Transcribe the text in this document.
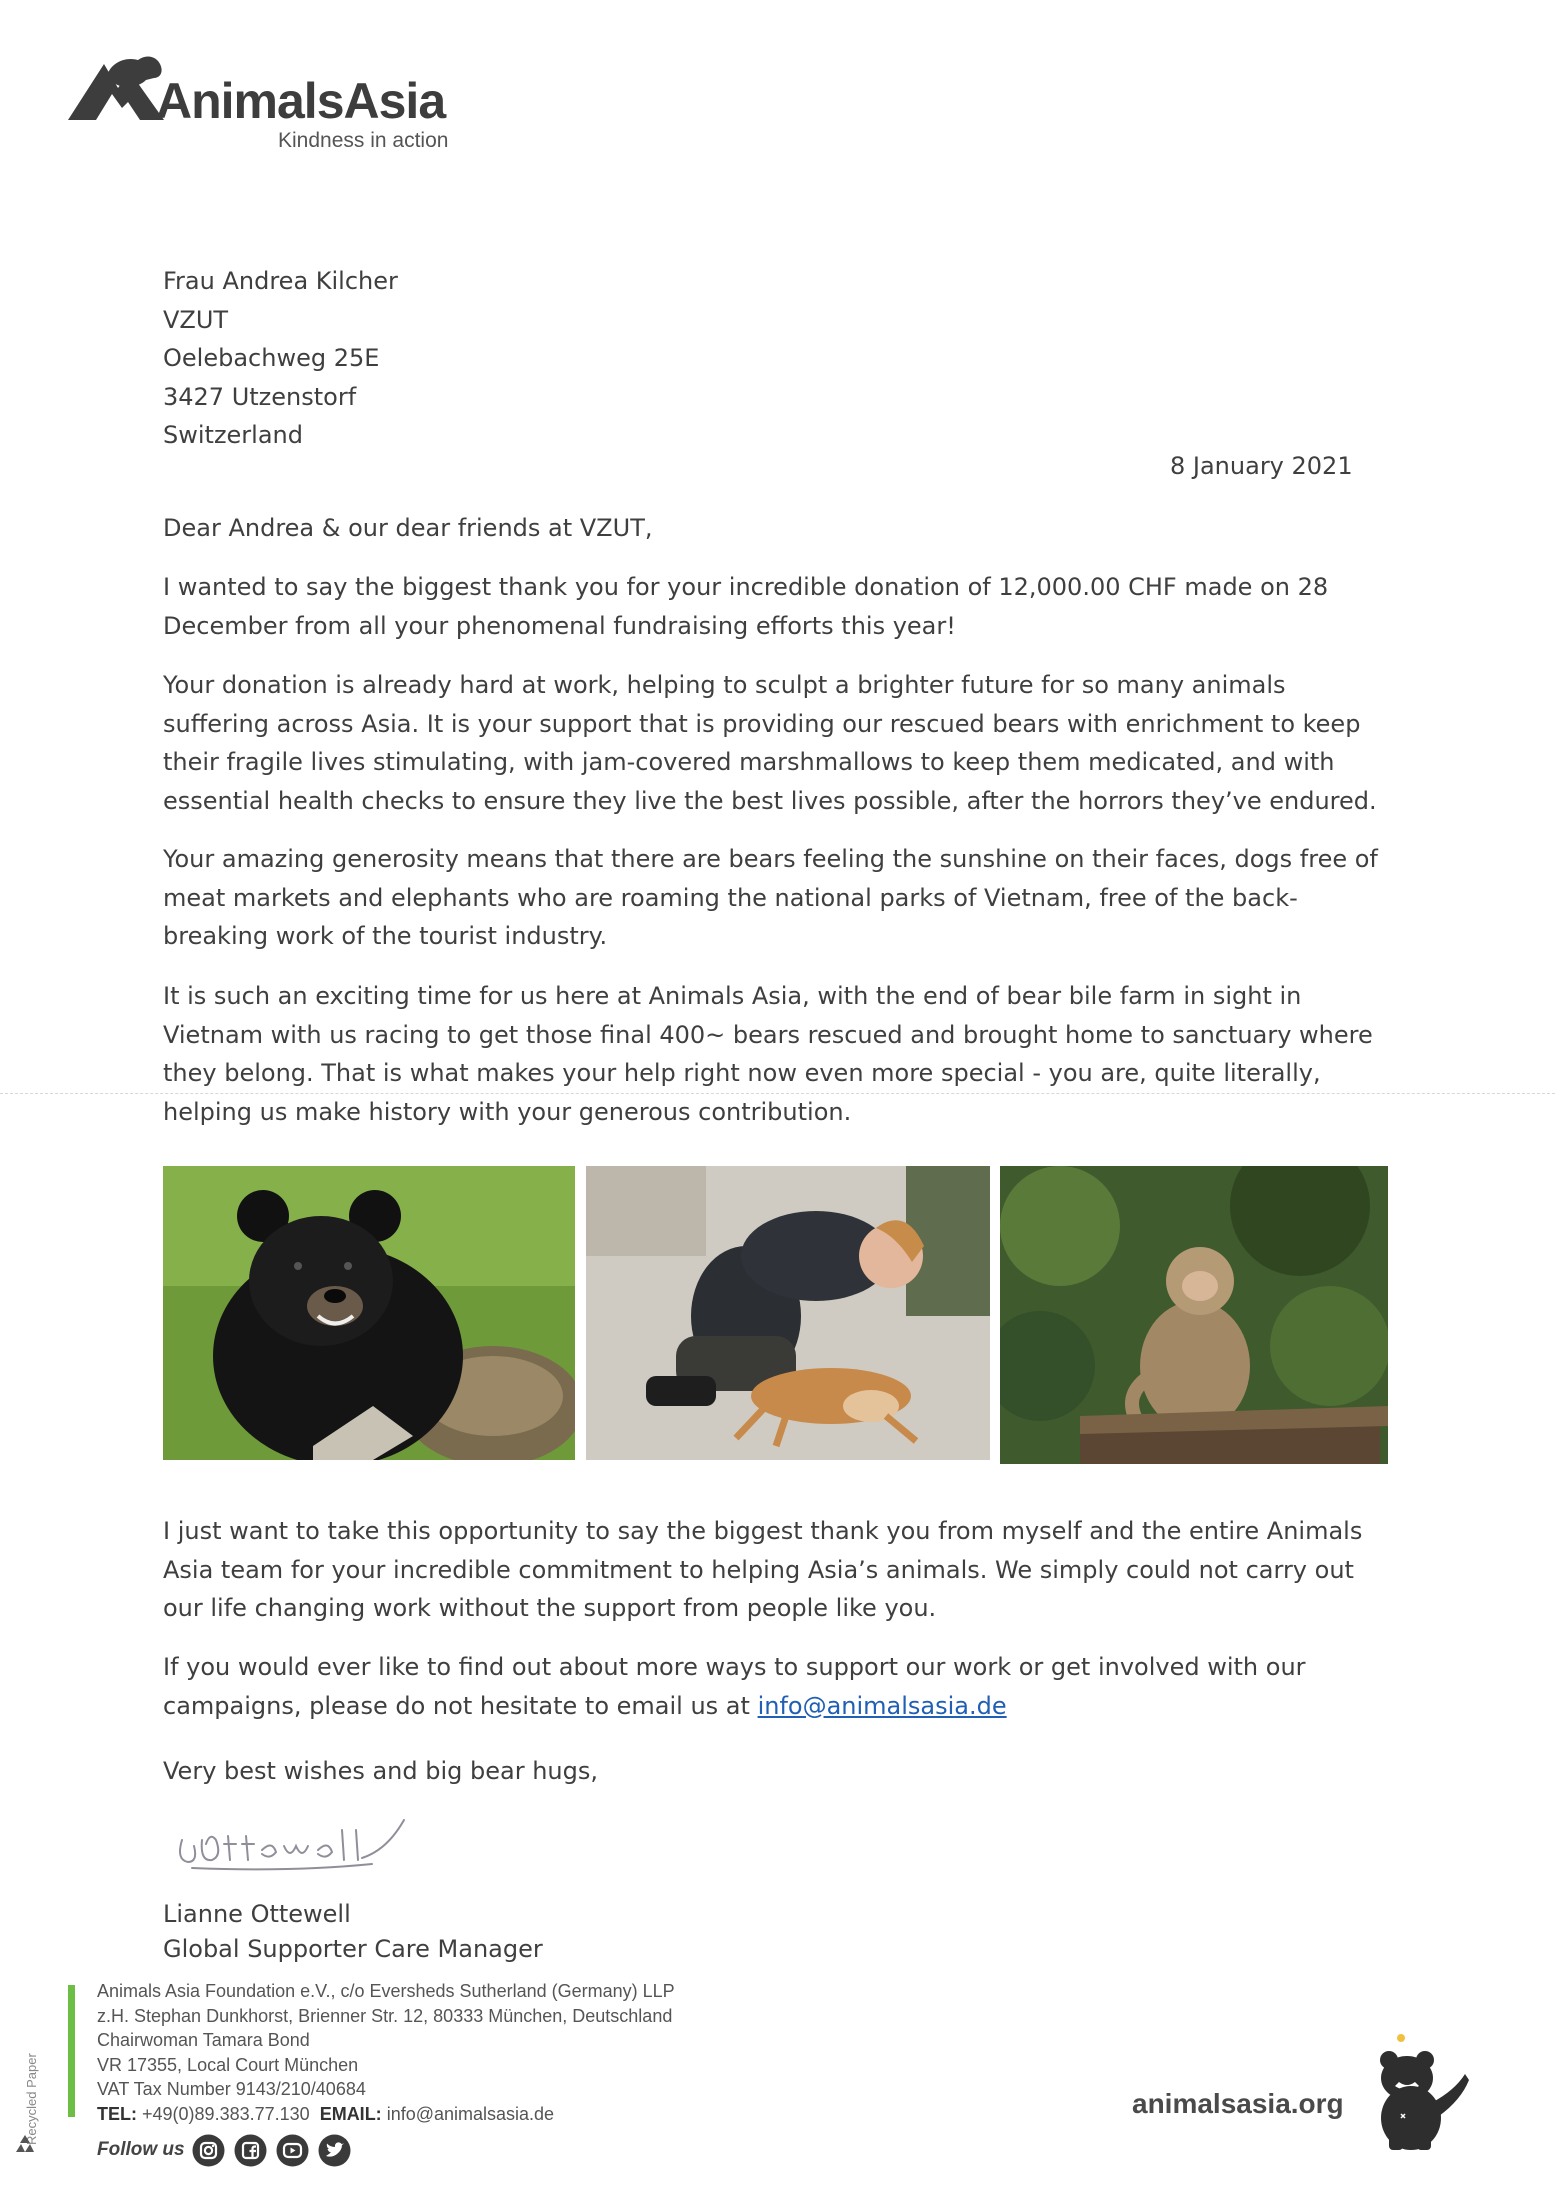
AnimalsAsia
Kindness in action
Frau Andrea Kilcher
VZUT
Oelebachweg 25E
3427 Utzenstorf
Switzerland
8 January 2021
Dear Andrea & our dear friends at VZUT,
I wanted to say the biggest thank you for your incredible donation of 12,000.00 CHF made on 28
December from all your phenomenal fundraising efforts this year!
Your donation is already hard at work, helping to sculpt a brighter future for so many animals
suffering across Asia. It is your support that is providing our rescued bears with enrichment to keep
their fragile lives stimulating, with jam-covered marshmallows to keep them medicated, and with
essential health checks to ensure they live the best lives possible, after the horrors they’ve endured.
Your amazing generosity means that there are bears feeling the sunshine on their faces, dogs free of
meat markets and elephants who are roaming the national parks of Vietnam, free of the back-
breaking work of the tourist industry.
It is such an exciting time for us here at Animals Asia, with the end of bear bile farm in sight in
Vietnam with us racing to get those final 400~ bears rescued and brought home to sanctuary where
they belong. That is what makes your help right now even more special - you are, quite literally,
helping us make history with your generous contribution.
I just want to take this opportunity to say the biggest thank you from myself and the entire Animals
Asia team for your incredible commitment to helping Asia’s animals. We simply could not carry out
our life changing work without the support from people like you.
If you would ever like to find out about more ways to support our work or get involved with our
campaigns, please do not hesitate to email us at info@animalsasia.de
Very best wishes and big bear hugs,
Lianne Ottewell
Global Supporter Care Manager
Animals Asia Foundation e.V., c/o Eversheds Sutherland (Germany) LLP
z.H. Stephan Dunkhorst, Brienner Str. 12, 80333 München, Deutschland
Chairwoman Tamara Bond
VR 17355, Local Court München
VAT Tax Number 9143/210/40684
TEL: +49(0)89.383.77.130 EMAIL: info@animalsasia.de
Recycled Paper
Follow us
animalsasia.org
